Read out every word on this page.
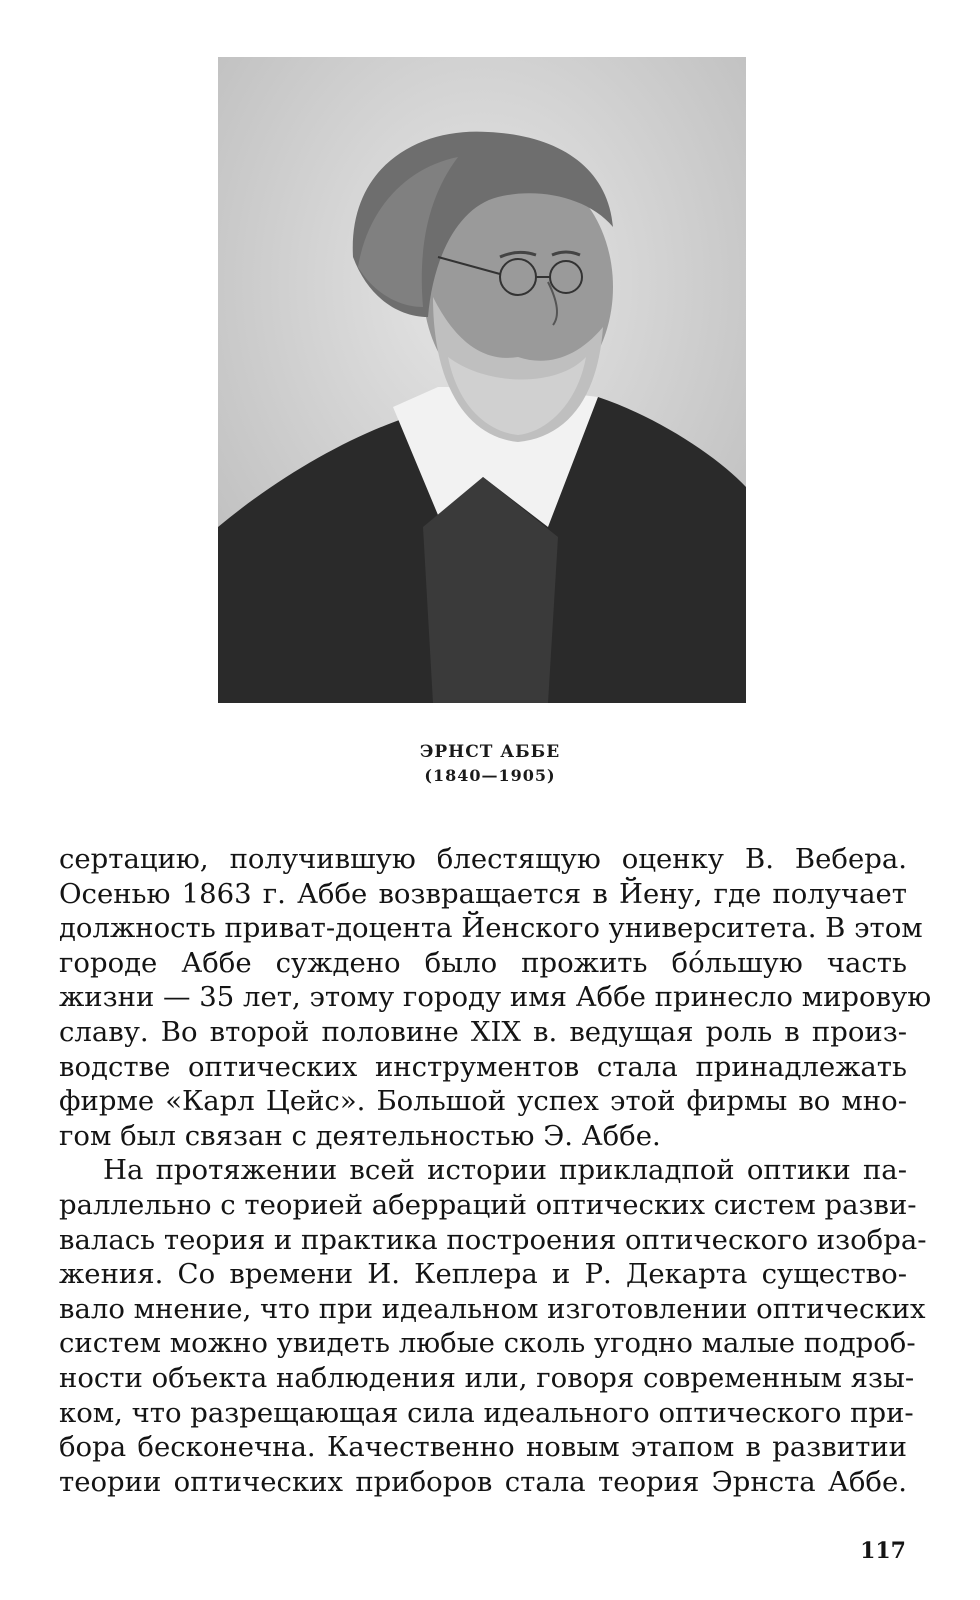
ЭРНСТ АББЕ
(1840—1905)
сертацию, получившую блестящую оценку В. Вебера.
Осенью 1863 г. Аббе возвращается в Йену, где получает
должность приват-доцента Йенского университета. В этом
городе Аббе суждено было прожить бóльшую часть
жизни — 35 лет, этому городу имя Аббе принесло мировую
славу. Во второй половине XIX в. ведущая роль в произ-
водстве оптических инструментов стала принадлежать
фирме «Карл Цейс». Большой успех этой фирмы во мно-
гом был связан с деятельностью Э. Аббе.
На протяжении всей истории прикладпой оптики па-
раллельно с теорией аберраций оптических систем разви-
валась теория и практика построения оптического изобра-
жения. Со времени И. Кеплера и Р. Декарта существо-
вало мнение, что при идеальном изготовлении оптических
систем можно увидеть любые сколь угодно малые подроб-
ности объекта наблюдения или, говоря современным язы-
ком, что разрещающая сила идеального оптического при-
бора бесконечна. Качественно новым этапом в развитии
теории оптических приборов стала теория Эрнста Аббе.
117
